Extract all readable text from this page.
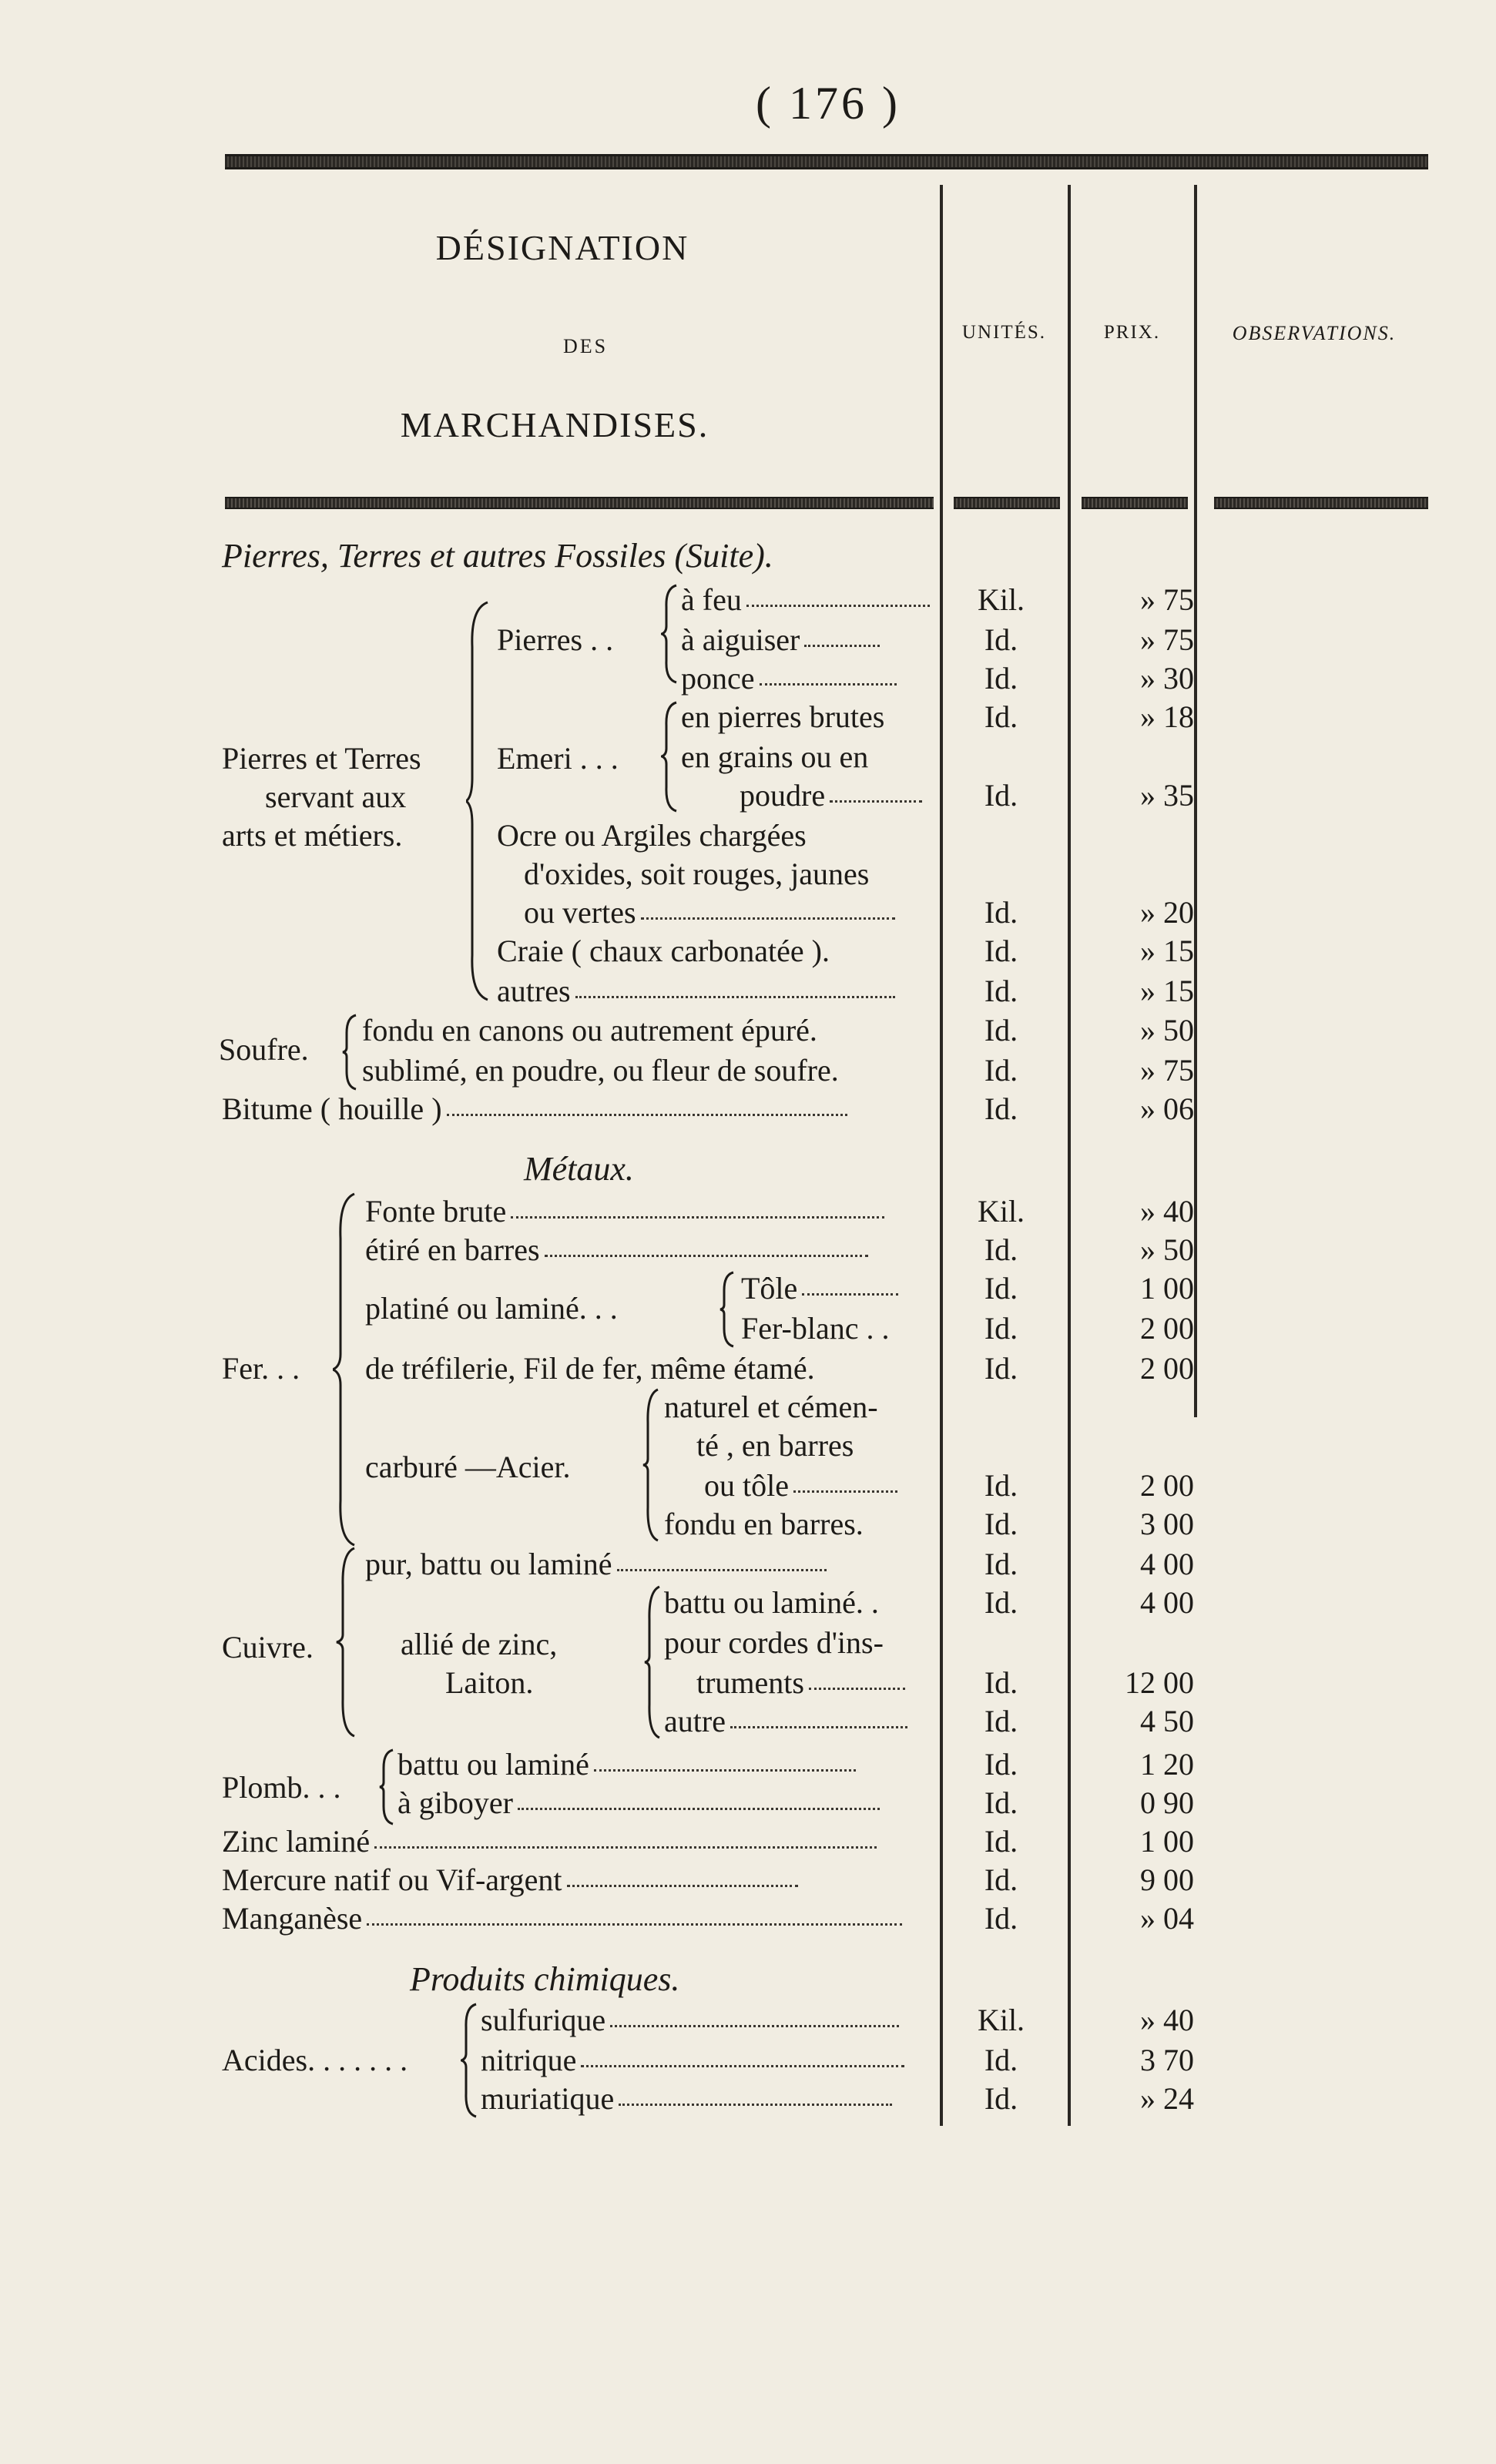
( 176 )
DÉSIGNATION
DES
MARCHANDISES.
UNITÉS.	PRIX.	OBSERVATIONS.
Pierres, Terres et autres Fossiles (Suite).
Pierres et Terres
servant aux
arts et métiers.
Pierres . .
Emeri . . .
à feu	Kil.	» 75
à aiguiser	Id.	» 75
ponce	Id.	» 30
en pierres brutes	Id.	» 18
en grains ou en
poudre	Id.	» 35
Ocre ou Argiles chargées
d'oxides, soit rouges, jaunes
ou vertes	Id.	» 20
Craie ( chaux carbonatée ).	Id.	» 15
autres	Id.	» 15
Soufre.
fondu en canons ou autrement épuré.	Id.	» 50
sublimé, en poudre, ou fleur de soufre.	Id.	» 75
Bitume ( houille )	Id.	» 06
Métaux.
Fer. . .
Fonte brute	Kil.	» 40
étiré en barres	Id.	» 50
platiné ou laminé. . .
Tôle	Id.	1 00
Fer-blanc . .	Id.	2 00
de tréfilerie, Fil de fer, même étamé.	Id.	2 00
carburé —Acier.
naturel et cémen-
té , en barres
ou tôle	Id.	2 00
fondu en barres.	Id.	3 00
Cuivre.
pur, battu ou laminé	Id.	4 00
allié de zinc,
Laiton.
battu ou laminé. .	Id.	4 00
pour cordes d'ins-
truments	Id.	12 00
autre	Id.	4 50
Plomb. . .
battu ou laminé	Id.	1 20
à giboyer	Id.	0 90
Zinc laminé	Id.	1 00
Mercure natif ou Vif-argent	Id.	9 00
Manganèse	Id.	» 04
Produits chimiques.
Acides. . . . . . .
sulfurique	Kil.	» 40
nitrique	Id.	3 70
muriatique	Id.	» 24
